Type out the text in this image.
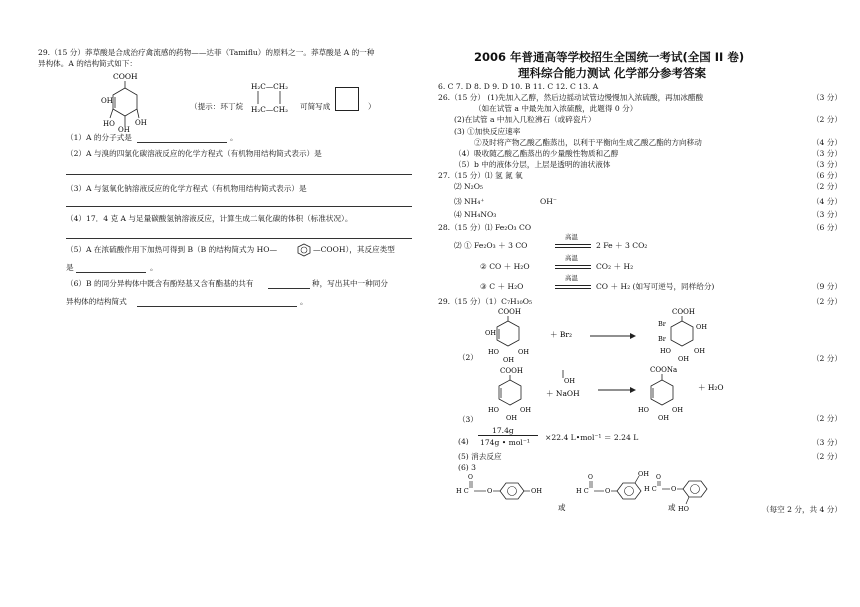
29.（15 分）莽草酸是合成治疗禽流感的药物——达菲（Tamiflu）的原料之一。莽草酸是 A 的一种
异构体。A 的结构简式如下：
COOH
OH
HO	OH
OH
（提示：环丁烷
H₂C—CH₂
H₂C—CH₂ 可简写成	）
（1）A 的分子式是	。
（2）A 与溴的四氯化碳溶液反应的化学方程式（有机物用结构简式表示）是
（3）A 与氢氧化钠溶液反应的化学方程式（有机物用结构简式表示）是
（4）17．4 克 A 与足量碳酸氢钠溶液反应，计算生成二氧化碳的体积（标准状况）。
（5）A 在浓硫酸作用下加热可得到 B（B 的结构简式为 HO—	—COOH），其反应类型
是	。
（6）B 的同分异构体中既含有酚羟基又含有酯基的共有	种，写出其中一种同分
异构体的结构简式	。
2006 年普通高等学校招生全国统一考试(全国 II 卷)
理科综合能力测试 化学部分参考答案
6. C 7. D 8. D 9. D 10. B 11. C 12. C 13. A
26.（15 分） (1)先加入乙醇，然后边摇动试管边慢慢加入浓硫酸，再加冰醋酸	（3 分）
（如在试管 a 中最先加入浓硫酸，此题得 0 分）
(2)在试管 a 中加入几粒沸石（或碎瓷片）	（2 分）
(3) ①加快反应速率
②及时将产物乙酸乙酯蒸出，以利于平衡向生成乙酸乙酯的方向移动	（4 分）
（4）吸收随乙酸乙酯蒸出的少量酸性物质和乙醇	（3 分）
（5）b 中的液体分层，上层是透明的油状液体	（3 分）
27.（15 分）⑴ 氢 氮 氧	（6 分）
⑵ N₂O₅	（2 分）
⑶ NH₄⁺	OH⁻	（4 分）
⑷ NH₄NO₃	（3 分）
28.（15 分）⑴ Fe₂O₃ CO	（6 分）
⑵ ① Fe₂O₃ ＋ 3 CO
高温
2 Fe ＋ 3 CO₂
② CO ＋ H₂O
高温
CO₂ ＋ H₂
③ C ＋ H₂O
高温
CO ＋ H₂ (如写可逆号，同样给分)	（9 分）
29.（15 分）（1）C₇H₁₀O₅	（2 分）
（2）
COOH
OH
HO	OH
OH
＋ Br₂
COOH
Br
Br
OH
HO	OH
OH	（2 分）
（3）
COOH
HO	OH
OH
OH
＋ NaOH
COONa
HO	OH
OH
＋ H₂O
（2 分）
(4)
17.4g
174g • mol⁻¹
×22.4 L•mol⁻¹ ＝ 2.24 L
（3 分）
(5) 消去反应	（2 分）
(6) 3
O
H C	O	OH
或
O
H C	O
OH
或
O
H C O
HO	（每空 2 分，共 4 分）
